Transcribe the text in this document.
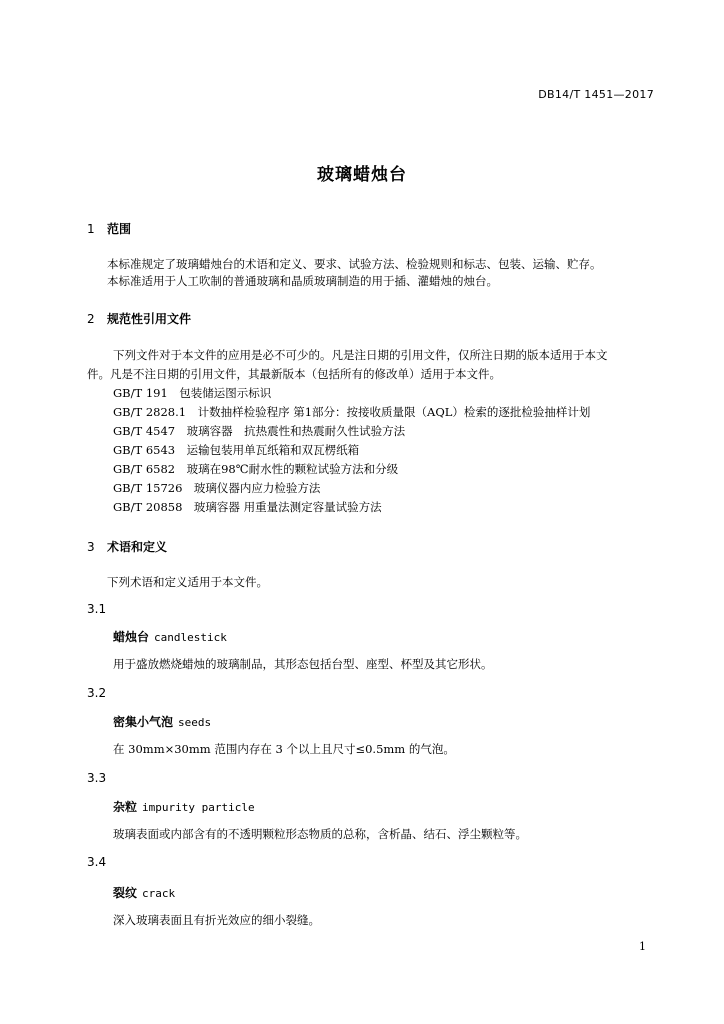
DB14/T 1451—2017
玻璃蜡烛台
1 范围
本标准规定了玻璃蜡烛台的术语和定义、要求、试验方法、检验规则和标志、包装、运输、贮存。
本标准适用于人工吹制的普通玻璃和晶质玻璃制造的用于插、灌蜡烛的烛台。
2 规范性引用文件
下列文件对于本文件的应用是必不可少的。凡是注日期的引用文件，仅所注日期的版本适用于本文
件。凡是不注日期的引用文件，其最新版本（包括所有的修改单）适用于本文件。
GB/T 191　包装储运图示标识
GB/T 2828.1　计数抽样检验程序 第1部分：按接收质量限（AQL）检索的逐批检验抽样计划
GB/T 4547　玻璃容器　抗热震性和热震耐久性试验方法
GB/T 6543　运输包装用单瓦纸箱和双瓦楞纸箱
GB/T 6582　玻璃在98℃耐水性的颗粒试验方法和分级
GB/T 15726　玻璃仪器内应力检验方法
GB/T 20858　玻璃容器 用重量法测定容量试验方法
3 术语和定义
下列术语和定义适用于本文件。
3.1
蜡烛台 candlestick
用于盛放燃烧蜡烛的玻璃制品，其形态包括台型、座型、杯型及其它形状。
3.2
密集小气泡 seeds
在 30mm×30mm 范围内存在 3 个以上且尺寸≤0.5mm 的气泡。
3.3
杂粒 impurity particle
玻璃表面或内部含有的不透明颗粒形态物质的总称，含析晶、结石、浮尘颗粒等。
3.4
裂纹 crack
深入玻璃表面且有折光效应的细小裂缝。
1
